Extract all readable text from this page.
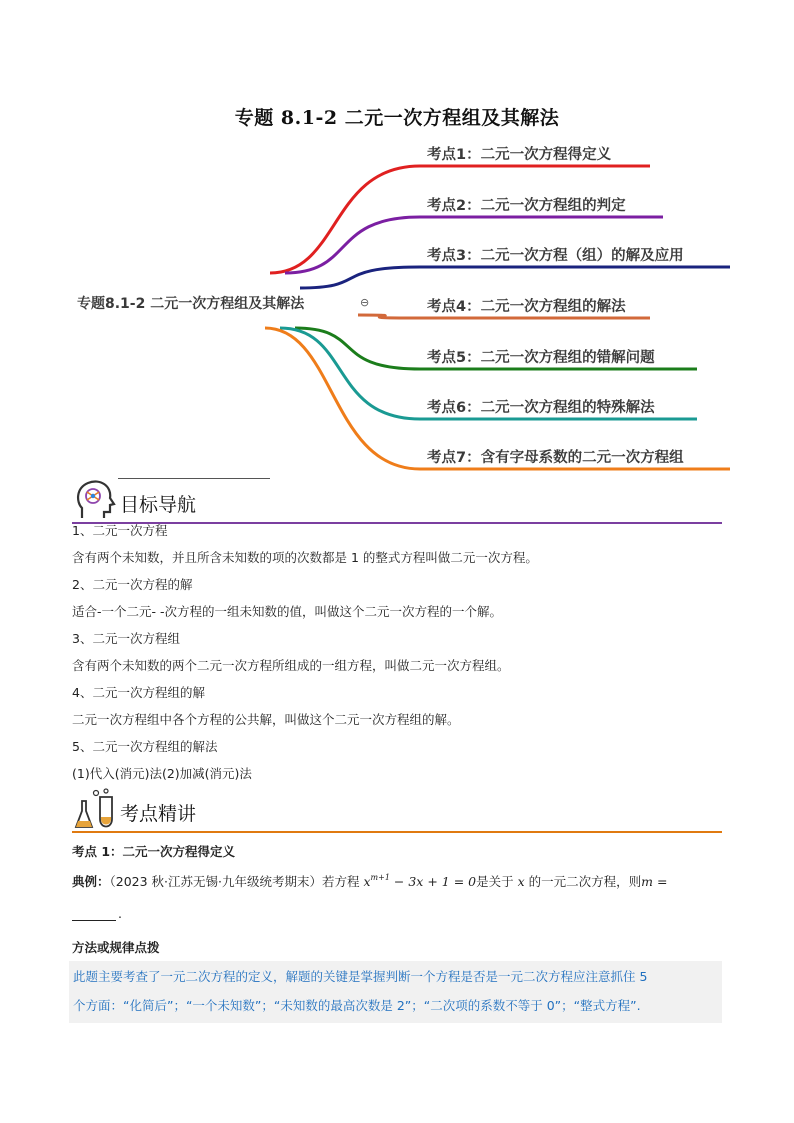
专题 8.1-2 二元一次方程组及其解法
专题8.1-2 二元一次方程组及其解法	⊖
考点1：二元一次方程得定义
考点2：二元一次方程组的判定
考点3：二元一次方程（组）的解及应用
考点4：二元一次方程组的解法
考点5：二元一次方程组的错解问题
考点6：二元一次方程组的特殊解法
考点7：含有字母系数的二元一次方程组
目标导航
1、二元一次方程
含有两个未知数，并且所含未知数的项的次数都是 1 的整式方程叫做二元一次方程。
2、二元一次方程的解
适合-一个二元- -次方程的一组未知数的值，叫做这个二元一次方程的一个解。
3、二元一次方程组
含有两个未知数的两个二元一次方程所组成的一组方程，叫做二元一次方程组。
4、二元一次方程组的解
二元一次方程组中各个方程的公共解，叫做这个二元一次方程组的解。
5、二元一次方程组的解法
(1)代入(消元)法(2)加减(消元)法
考点精讲
考点 1：二元一次方程得定义
典例：（2023 秋·江苏无锡·九年级统考期末）若方程 $x^{m+1} - 3x + 1 = 0$是关于 x 的一元二次方程，则m =
.
方法或规律点拨
此题主要考查了一元二次方程的定义，解题的关键是掌握判断一个方程是否是一元二次方程应注意抓住 5
个方面：“化简后”；“一个未知数”；“未知数的最高次数是 2”；“二次项的系数不等于 0”；“整式方程”.
